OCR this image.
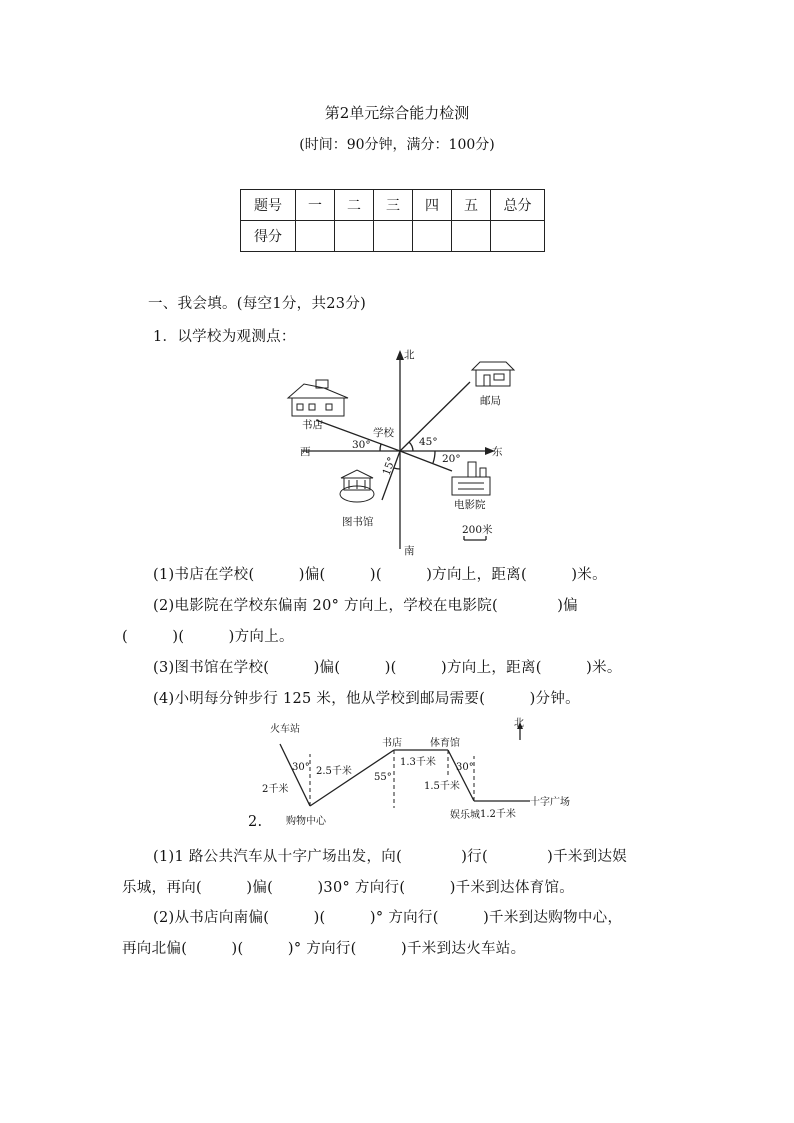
第2单元综合能力检测
(时间：90分钟，满分：100分)
题号	一	二	三	四	五	总分
得分						
一、我会填。(每空1分，共23分)
1．以学校为观测点：
北
南
东
西
学校
书店
邮局
图书馆
电影院
30°	45°
20°
15°
200米
(1)书店在学校(　　　)偏(　　　)(　　　)方向上，距离(　　　)米。
(2)电影院在学校东偏南 20° 方向上，学校在电影院(　　　　)偏
(　　　)(　　　)方向上。
(3)图书馆在学校(　　　)偏(　　　)(　　　)方向上，距离(　　　)米。
(4)小明每分钟步行 125 米，他从学校到邮局需要(　　　)分钟。
2.
火车站
购物中心
书店	体育馆
娱乐城
十字广场
北
2千米
2.5千米
1.3千米
1.5千米
1.2千米
30°
55°
30°
(1)1 路公共汽车从十字广场出发，向(　　　　)行(　　　　)千米到达娱
乐城，再向(　　　)偏(　　　)30° 方向行(　　　)千米到达体育馆。
(2)从书店向南偏(　　　)(　　　)° 方向行(　　　)千米到达购物中心，
再向北偏(　　　)(　　　)° 方向行(　　　)千米到达火车站。
